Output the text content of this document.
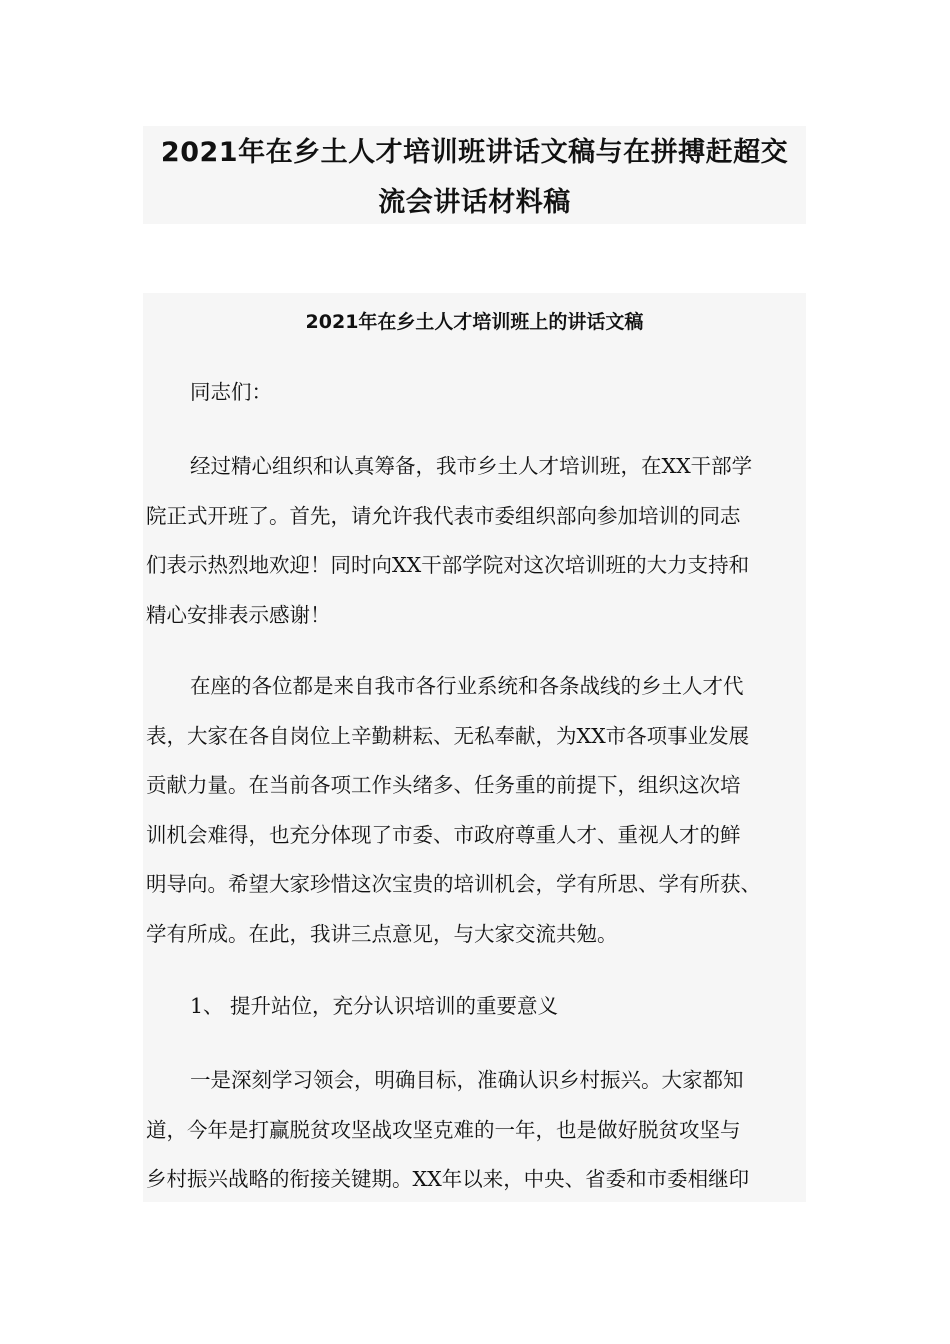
2021年在乡土人才培训班讲话文稿与在拼搏赶超交
流会讲话材料稿
2021年在乡土人才培训班上的讲话文稿

同志们：

经过精心组织和认真筹备，我市乡土人才培训班，在XX干部学
院正式开班了。首先，请允许我代表市委组织部向参加培训的同志
们表示热烈地欢迎！同时向XX干部学院对这次培训班的大力支持和
精心安排表示感谢！

在座的各位都是来自我市各行业系统和各条战线的乡土人才代
表，大家在各自岗位上辛勤耕耘、无私奉献，为XX市各项事业发展
贡献力量。在当前各项工作头绪多、任务重的前提下，组织这次培
训机会难得，也充分体现了市委、市政府尊重人才、重视人才的鲜
明导向。希望大家珍惜这次宝贵的培训机会，学有所思、学有所获、
学有所成。在此，我讲三点意见，与大家交流共勉。

1、 提升站位，充分认识培训的重要意义

一是深刻学习领会，明确目标，准确认识乡村振兴。大家都知
道，今年是打赢脱贫攻坚战攻坚克难的一年，也是做好脱贫攻坚与
乡村振兴战略的衔接关键期。XX年以来，中央、省委和市委相继印
